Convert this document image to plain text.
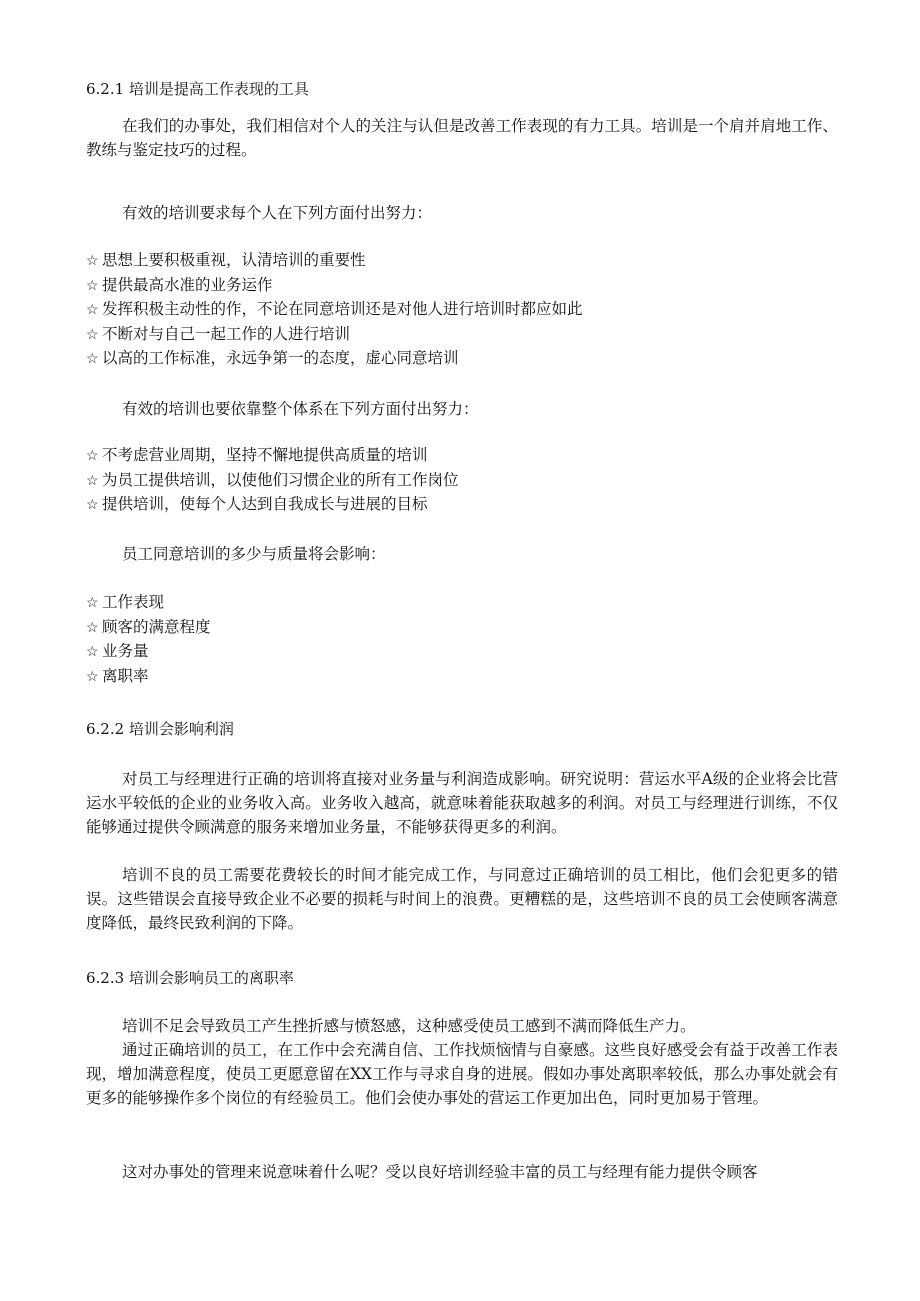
6.2.1 培训是提高工作表现的工具

在我们的办事处，我们相信对个人的关注与认但是改善工作表现的有力工具。培训是一个肩并肩地工作、教练与鉴定技巧的过程。

有效的培训要求每个人在下列方面付出努力：

☆ 思想上要积极重视，认清培训的重要性
☆ 提供最高水准的业务运作
☆ 发挥积极主动性的作，不论在同意培训还是对他人进行培训时都应如此
☆ 不断对与自己一起工作的人进行培训
☆ 以高的工作标准，永远争第一的态度，虚心同意培训

有效的培训也要依靠整个体系在下列方面付出努力：

☆ 不考虑营业周期，坚持不懈地提供高质量的培训
☆ 为员工提供培训，以使他们习惯企业的所有工作岗位
☆ 提供培训，使每个人达到自我成长与进展的目标

员工同意培训的多少与质量将会影响：

☆ 工作表现
☆ 顾客的满意程度
☆ 业务量
☆ 离职率
6.2.2 培训会影响利润

对员工与经理进行正确的培训将直接对业务量与利润造成影响。研究说明：营运水平A级的企业将会比营运水平较低的企业的业务收入高。业务收入越高，就意味着能获取越多的利润。对员工与经理进行训练，不仅能够通过提供令顾满意的服务来增加业务量，不能够获得更多的利润。

培训不良的员工需要花费较长的时间才能完成工作，与同意过正确培训的员工相比，他们会犯更多的错误。这些错误会直接导致企业不必要的损耗与时间上的浪费。更糟糕的是，这些培训不良的员工会使顾客满意度降低，最终民致利润的下降。

6.2.3 培训会影响员工的离职率

培训不足会导致员工产生挫折感与愤怒感，这种感受使员工感到不满而降低生产力。

通过正确培训的员工，在工作中会充满自信、工作找烦恼情与自豪感。这些良好感受会有益于改善工作表现，增加满意程度，使员工更愿意留在XX工作与寻求自身的进展。假如办事处离职率较低，那么办事处就会有更多的能够操作多个岗位的有经验员工。他们会使办事处的营运工作更加出色，同时更加易于管理。

这对办事处的管理来说意味着什么呢？受以良好培训经验丰富的员工与经理有能力提供令顾客
